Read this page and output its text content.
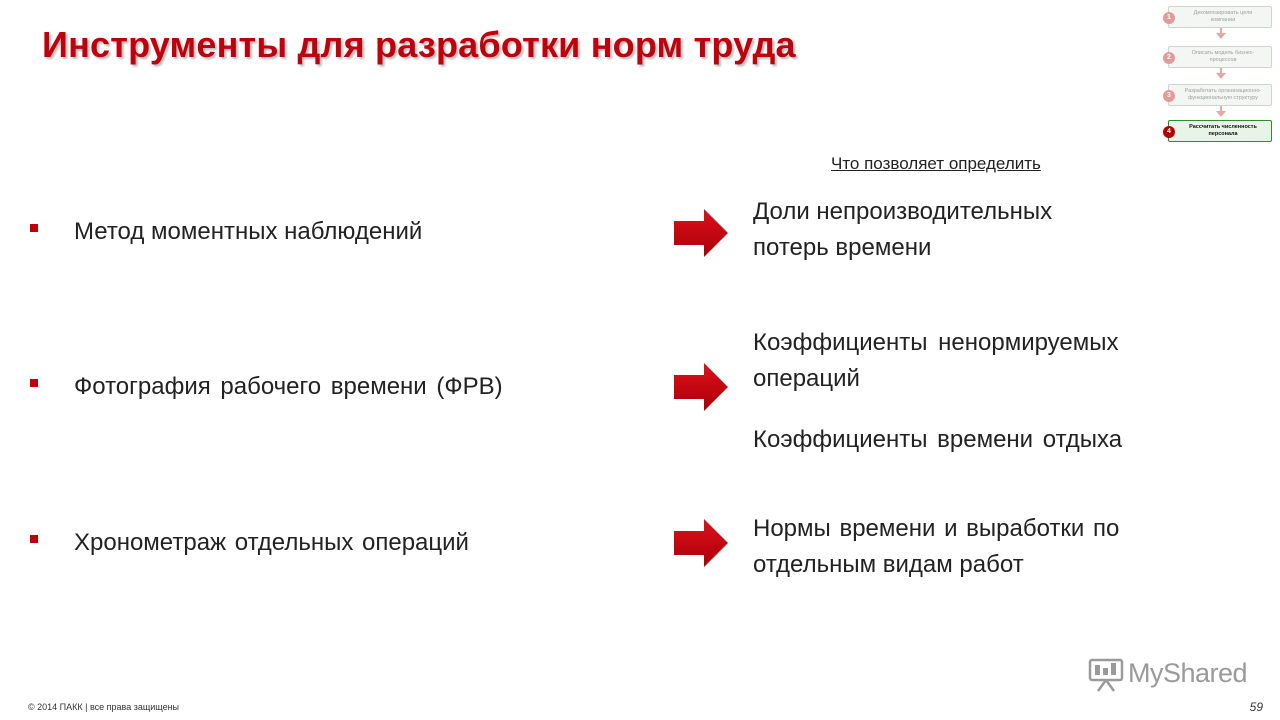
Инструменты для разработки норм труда
1
Декомпозировать цели компании
2
Описать модель бизнес-процессов
3
Разработать организационно-функциональную структуру
4
Рассчитать численность персонала
Что позволяет определить
Метод моментных наблюдений
Фотография рабочего времени (ФРВ)
Хронометраж отдельных операций
Доли непроизводительных
потерь времени
Коэффициенты ненормируемых
операций
Коэффициенты времени отдыха
Нормы времени и выработки по
отдельным видам работ
MyShared
© 2014 ПАКК | все права защищены	59
